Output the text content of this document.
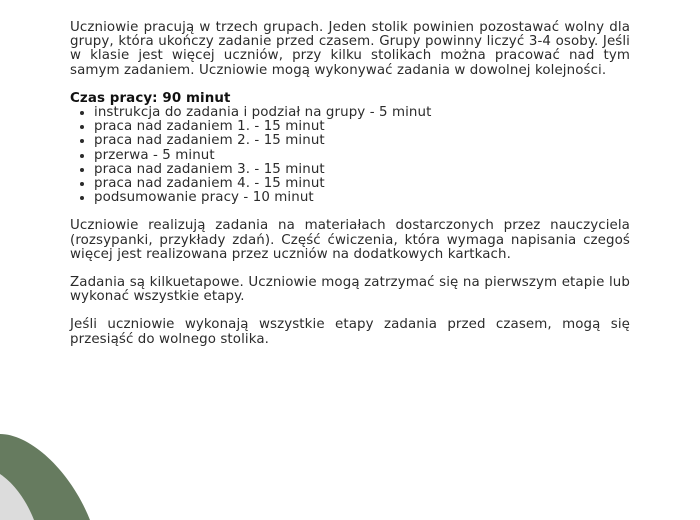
Uczniowie pracują w trzech grupach. Jeden stolik powinien pozostawać wolny dla grupy, która ukończy zadanie przed czasem. Grupy powinny liczyć 3-4 osoby. Jeśli w klasie jest więcej uczniów, przy kilku stolikach można pracować nad tym samym zadaniem. Uczniowie mogą wykonywać zadania w dowolnej kolejności.

Czas pracy: 90 minut

• instrukcja do zadania i podział na grupy - 5 minut
• praca nad zadaniem 1. - 15 minut
• praca nad zadaniem 2. - 15 minut
• przerwa - 5 minut
• praca nad zadaniem 3. - 15 minut
• praca nad zadaniem 4. - 15 minut
• podsumowanie pracy - 10 minut

Uczniowie realizują zadania na materiałach dostarczonych przez nauczyciela (rozsypanki, przykłady zdań). Część ćwiczenia, która wymaga napisania czegoś więcej jest realizowana przez uczniów na dodatkowych kartkach.

Zadania są kilkuetapowe. Uczniowie mogą zatrzymać się na pierwszym etapie lub wykonać wszystkie etapy.

Jeśli uczniowie wykonają wszystkie etapy zadania przed czasem, mogą się przesiąść do wolnego stolika.
